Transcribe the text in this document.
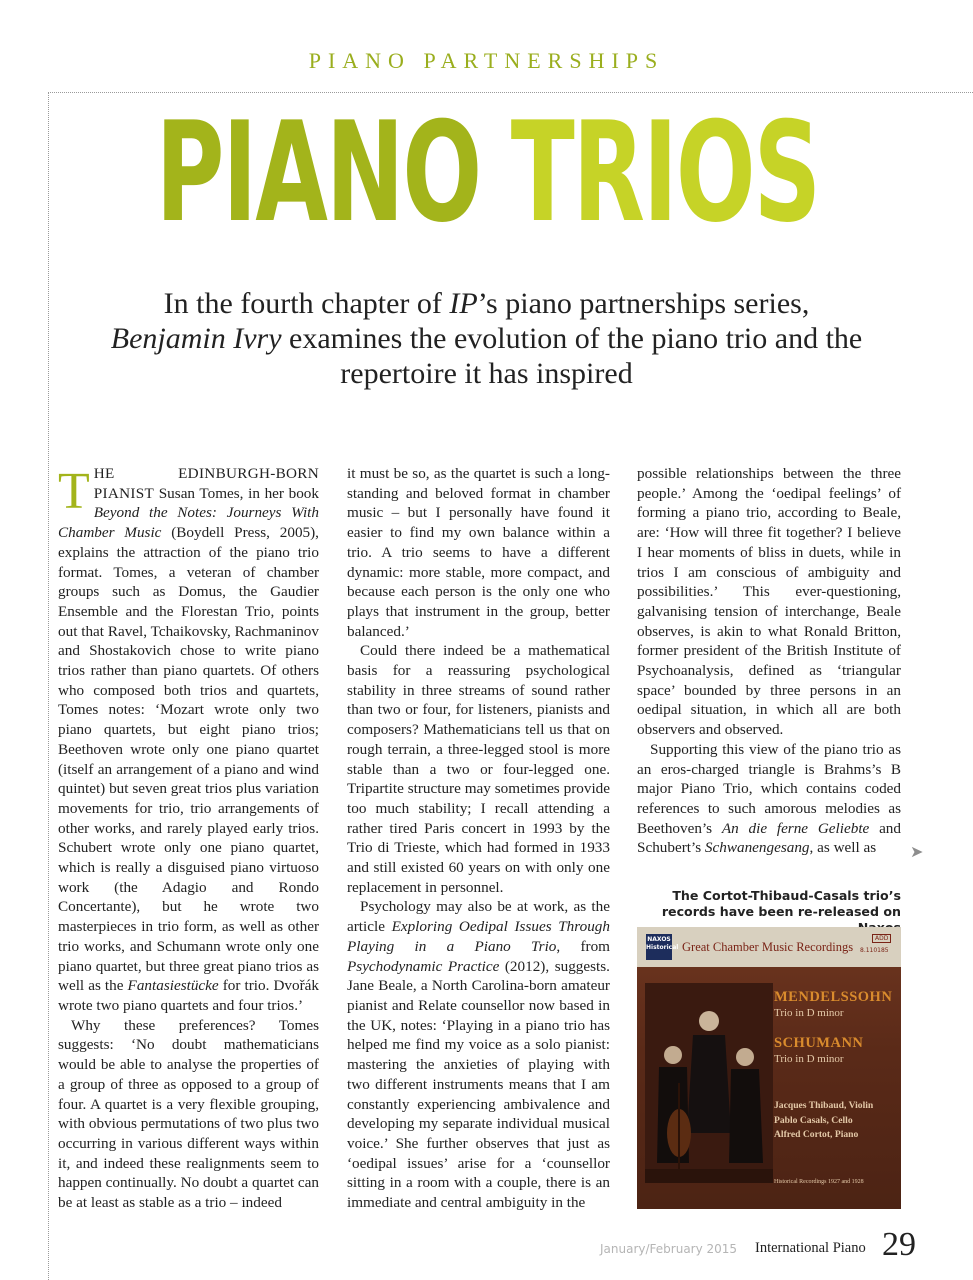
PIANO PARTNERSHIPS
PIANO TRIOS
In the fourth chapter of IP’s piano partnerships series,
Benjamin Ivry examines the evolution of the piano trio and the repertoire it has inspired

THE EDINBURGH-BORN PIANIST Susan Tomes, in her book Beyond the Notes: Journeys With Chamber Music (Boydell Press, 2005), explains the attraction of the piano trio format. Tomes, a veteran of chamber groups such as Domus, the Gaudier Ensemble and the Florestan Trio, points out that Ravel, Tchaikovsky, Rachmaninov and Shostakovich chose to write piano trios rather than piano quartets. Of others who composed both trios and quartets, Tomes notes: ‘Mozart wrote only two piano quartets, but eight piano trios; Beethoven wrote only one piano quartet (itself an arrangement of a piano and wind quintet) but seven great trios plus variation movements for trio, trio arrangements of other works, and rarely played early trios. Schubert wrote only one piano quartet, which is really a disguised piano virtuoso work (the Adagio and Rondo Concertante), but he wrote two masterpieces in trio form, as well as other trio works, and Schumann wrote only one piano quartet, but three great piano trios as well as the Fantasiestücke for trio. Dvořák wrote two piano quartets and four trios.’

Why these preferences? Tomes suggests: ‘No doubt mathematicians would be able to analyse the properties of a group of three as opposed to a group of four. A quartet is a very flexible grouping, with obvious permutations of two plus two occurring in various different ways within it, and indeed these realignments seem to happen continually. No doubt a quartet can be at least as stable as a trio – indeed

it must be so, as the quartet is such a long-standing and beloved format in chamber music – but I personally have found it easier to find my own balance within a trio. A trio seems to have a different dynamic: more stable, more compact, and because each person is the only one who plays that instrument in the group, better balanced.’

Could there indeed be a mathematical basis for a reassuring psychological stability in three streams of sound rather than two or four, for listeners, pianists and composers? Mathematicians tell us that on rough terrain, a three-legged stool is more stable than a two or four-legged one. Tripartite structure may sometimes provide too much stability; I recall attending a rather tired Paris concert in 1993 by the Trio di Trieste, which had formed in 1933 and still existed 60 years on with only one replacement in personnel.

Psychology may also be at work, as the article Exploring Oedipal Issues Through Playing in a Piano Trio, from Psychodynamic Practice (2012), suggests. Jane Beale, a North Carolina-born amateur pianist and Relate counsellor now based in the UK, notes: ‘Playing in a piano trio has helped me find my voice as a solo pianist: mastering the anxieties of playing with two different instruments means that I am constantly experiencing ambivalence and developing my separate individual musical voice.’ She further observes that just as ‘oedipal issues’ arise for a ‘counsellor sitting in a room with a couple, there is an immediate and central ambiguity in the

possible relationships between the three people.’ Among the ‘oedipal feelings’ of forming a piano trio, according to Beale, are: ‘How will three fit together? I believe I hear moments of bliss in duets, while in trios I am conscious of ambiguity and possibilities.’ This ever-questioning, galvanising tension of interchange, Beale observes, is akin to what Ronald Britton, former president of the British Institute of Psychoanalysis, defined as ‘triangular space’ bounded by three persons in an oedipal situation, in which all are both observers and observed.

Supporting this view of the piano trio as an eros-charged triangle is Brahms’s B major Piano Trio, which contains coded references to such amorous melodies as Beethoven’s An die ferne Geliebte and Schubert’s Schwanengesang, as well as	➤
The Cortot-Thibaud-Casals trio’s records have been re-released on
NAXOS Historical Great Chamber Music Recordings
ADD
8.110185
MENDELSSOHN
Trio in D minor
SCHUMANN
Trio in D minor
Jacques Thibaud, Violin
Pablo Casals, Cello
Alfred Cortot, Piano
Historical Recordings 1927 and 1928
January/February 2015 International Piano 29
